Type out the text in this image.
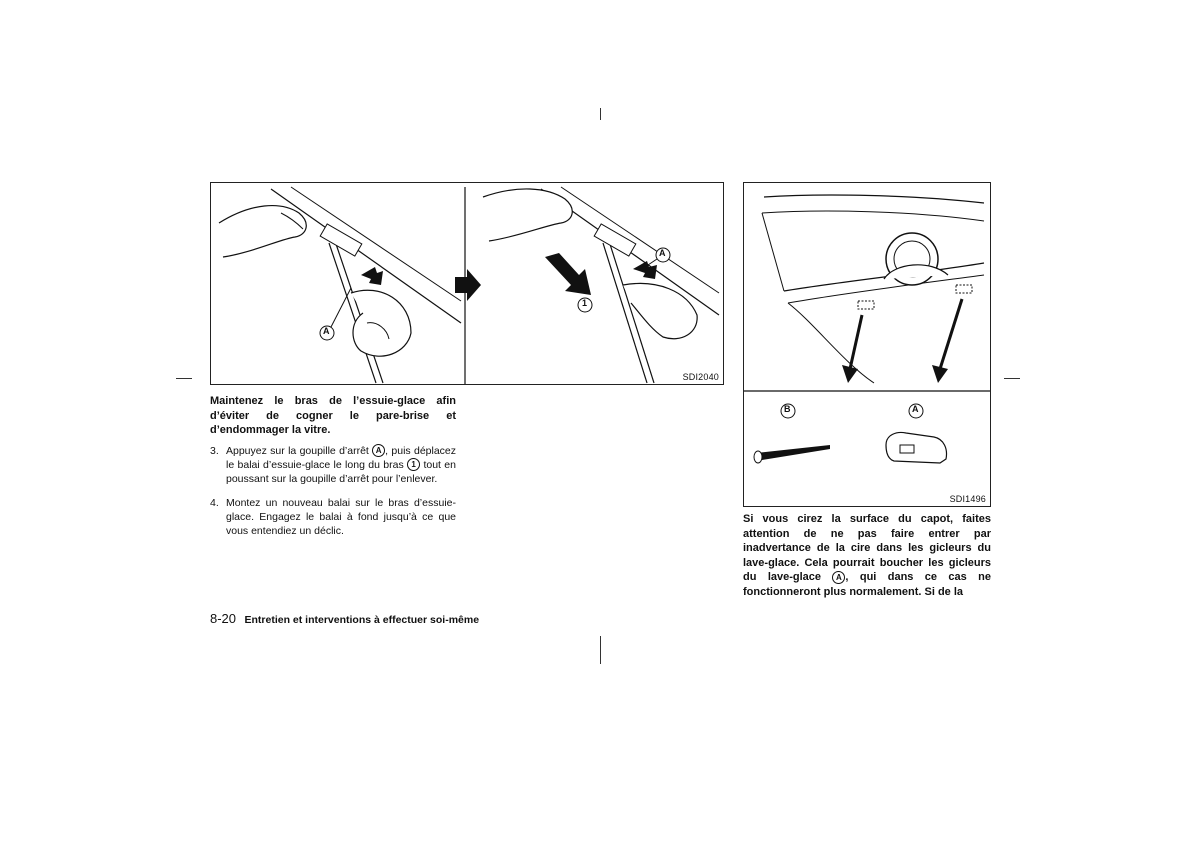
A
1
A
SDI2040
B	A
SDI1496

Maintenez le bras de l’essuie-glace afin d’éviter de cogner le pare-brise et d’endommager la vitre.

3. Appuyez sur la goupille d’arrêt A , puis déplacez le balai d’essuie-glace le long du bras 1 tout en poussant sur la goupille d’arrêt pour l’enlever.
4. Montez un nouveau balai sur le bras d’essuie-glace. Engagez le balai à fond jusqu’à ce que vous entendiez un déclic.

Si vous cirez la surface du capot, faites attention de ne pas faire entrer par inadvertance de la cire dans les gicleurs du lave-glace. Cela pourrait boucher les gicleurs du lave-glace A , qui dans ce cas ne fonctionneront plus normalement. Si de la

8-20 Entretien et interventions à effectuer soi-même
